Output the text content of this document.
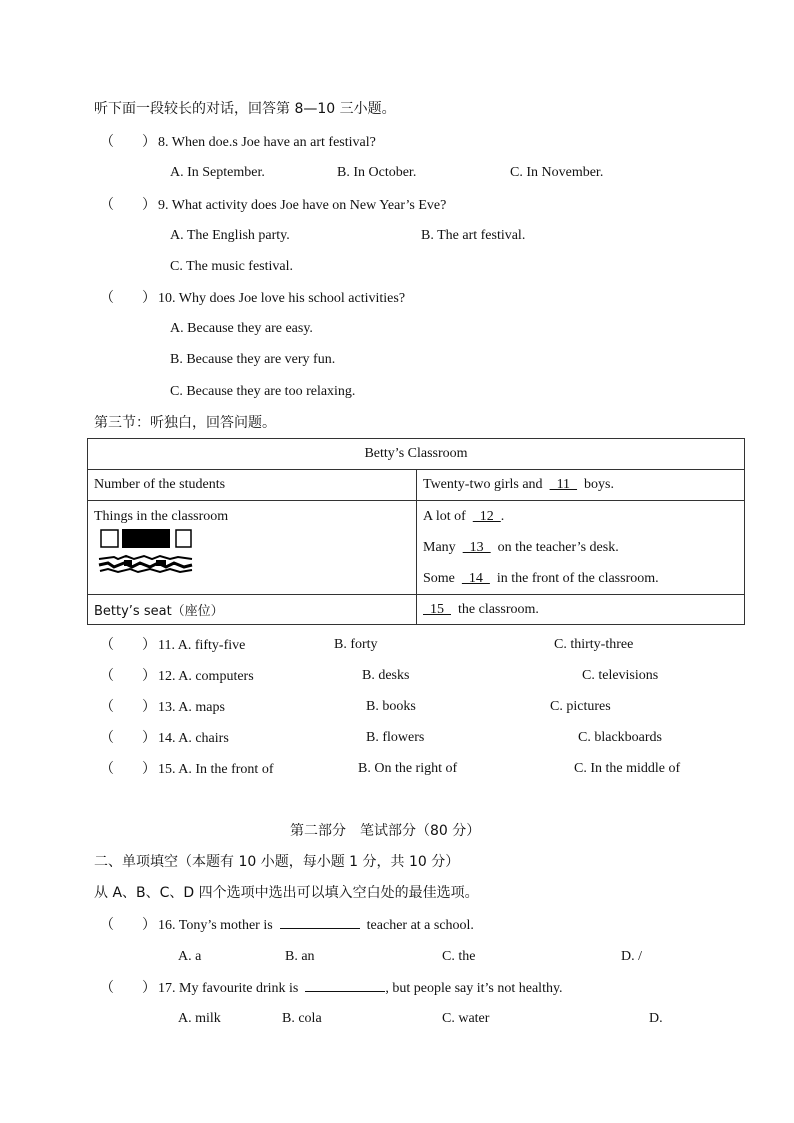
听下面一段较长的对话，回答第 8—10 三小题。
（　　） 8. When doe.s Joe have an art festival?
A. In September.	B. In October.	C. In November.
（　　） 9. What activity does Joe have on New Year’s Eve?
A. The English party.	B. The art festival.
C. The music festival.
（　　） 10. Why does Joe love his school activities?
A. Because they are easy.
B. Because they are very fun.
C. Because they are too relaxing.
第三节：听独白，回答问题。
Betty’s Classroom	
Number of the students	Twenty-two girls and    11    boys.

Things in the classroom	A lot of    12  .
Many    13    on the teacher’s desk.
Some    14    in the front of the classroom.

Betty’s seat（座位）	15    the classroom.
（　　） 11. A. fifty-five	B. forty	C. thirty-three
（　　） 12. A. computers	B. desks	C. televisions
（　　） 13. A. maps	B. books	C. pictures
（　　） 14. A. chairs	B. flowers	C. blackboards
（　　） 15. A. In the front of	B. On the right of	C. In the middle of
第二部分　笔试部分（80 分）
二、单项填空（本题有 10 小题，每小题 1 分，共 10 分）
从 A、B、C、D 四个选项中选出可以填入空白处的最佳选项。
（　　） 16. Tony’s mother is	teacher at a school.
A. a	B. an	C. the	D. /
（　　） 17. My favourite drink is	, but people say it’s not healthy.
A. milk	B. cola	C. water	D.
